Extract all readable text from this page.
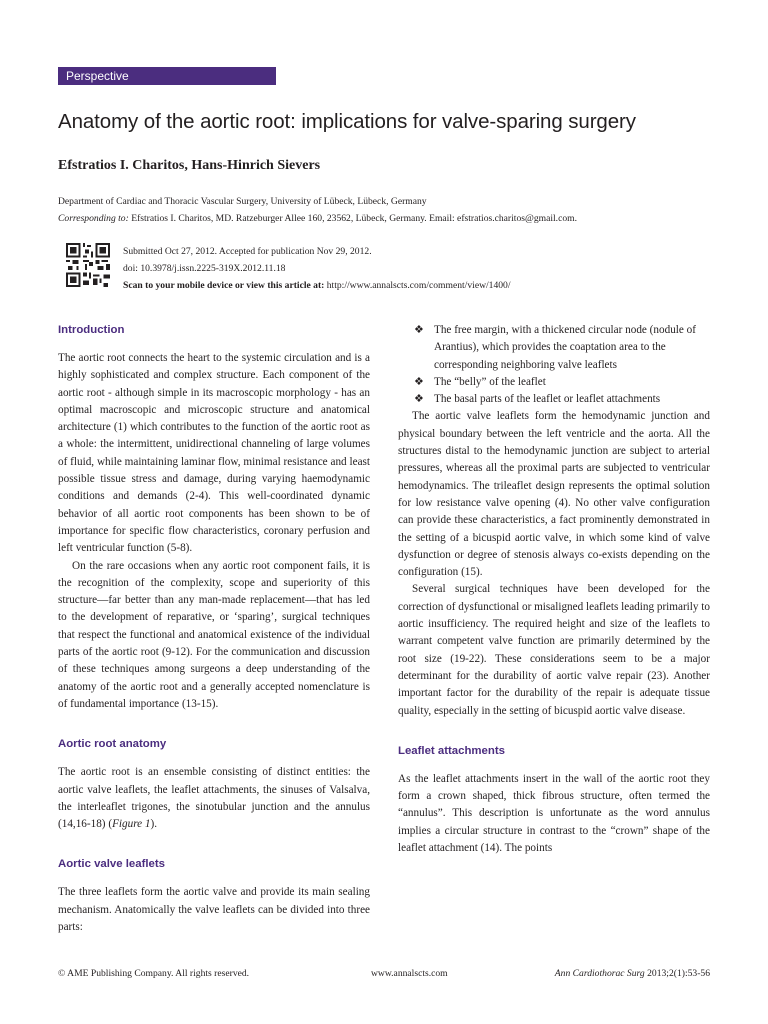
Perspective
Anatomy of the aortic root: implications for valve-sparing surgery
Efstratios I. Charitos, Hans-Hinrich Sievers
Department of Cardiac and Thoracic Vascular Surgery, University of Lübeck, Lübeck, Germany
Corresponding to: Efstratios I. Charitos, MD. Ratzeburger Allee 160, 23562, Lübeck, Germany. Email: efstratios.charitos@gmail.com.
Submitted Oct 27, 2012. Accepted for publication Nov 29, 2012.
doi: 10.3978/j.issn.2225-319X.2012.11.18
Scan to your mobile device or view this article at: http://www.annalscts.com/comment/view/1400/
Introduction

The aortic root connects the heart to the systemic circulation and is a highly sophisticated and complex structure. Each component of the aortic root - although simple in its macroscopic morphology - has an optimal macroscopic and microscopic structure and anatomical architecture (1) which contributes to the function of the aortic root as a whole: the intermittent, unidirectional channeling of large volumes of fluid, while maintaining laminar flow, minimal resistance and least possible tissue stress and damage, during varying haemodynamic conditions and demands (2-4). This well-coordinated dynamic behavior of all aortic root components has been shown to be of importance for specific flow characteristics, coronary perfusion and left ventricular function (5-8).

On the rare occasions when any aortic root component fails, it is the recognition of the complexity, scope and superiority of this structure—far better than any man-made replacement—that has led to the development of reparative, or ‘sparing’, surgical techniques that respect the functional and anatomical existence of the individual parts of the aortic root (9-12). For the communication and discussion of these techniques among surgeons a deep understanding of the anatomy of the aortic root and a generally accepted nomenclature is of fundamental importance (13-15).

Aortic root anatomy

The aortic root is an ensemble consisting of distinct entities: the aortic valve leaflets, the leaflet attachments, the sinuses of Valsalva, the interleaflet trigones, the sinotubular junction and the annulus (14,16-18) (Figure 1).

Aortic valve leaflets

The three leaflets form the aortic valve and provide its main sealing mechanism. Anatomically the valve leaflets can be divided into three parts:

❖ The free margin, with a thickened circular node (nodule of Arantius), which provides the coaptation area to the corresponding neighboring valve leaflets
❖ The “belly” of the leaflet
❖ The basal parts of the leaflet or leaflet attachments

The aortic valve leaflets form the hemodynamic junction and physical boundary between the left ventricle and the aorta. All the structures distal to the hemodynamic junction are subject to arterial pressures, whereas all the proximal parts are subjected to ventricular hemodynamics. The trileaflet design represents the optimal solution for low resistance valve opening (4). No other valve configuration can provide these characteristics, a fact prominently demonstrated in the setting of a bicuspid aortic valve, in which some kind of valve dysfunction or degree of stenosis always co-exists depending on the configuration (15).

Several surgical techniques have been developed for the correction of dysfunctional or misaligned leaflets leading primarily to aortic insufficiency. The required height and size of the leaflets to warrant competent valve function are primarily determined by the root size (19-22). These considerations seem to be a major determinant for the durability of aortic valve repair (23). Another important factor for the durability of the repair is adequate tissue quality, especially in the setting of bicuspid aortic valve disease.

Leaflet attachments

As the leaflet attachments insert in the wall of the aortic root they form a crown shaped, thick fibrous structure, often termed the “annulus”. This description is unfortunate as the word annulus implies a circular structure in contrast to the “crown” shape of the leaflet attachment (14). The points

© AME Publishing Company. All rights reserved.	www.annalscts.com	Ann Cardiothorac Surg 2013;2(1):53-56
